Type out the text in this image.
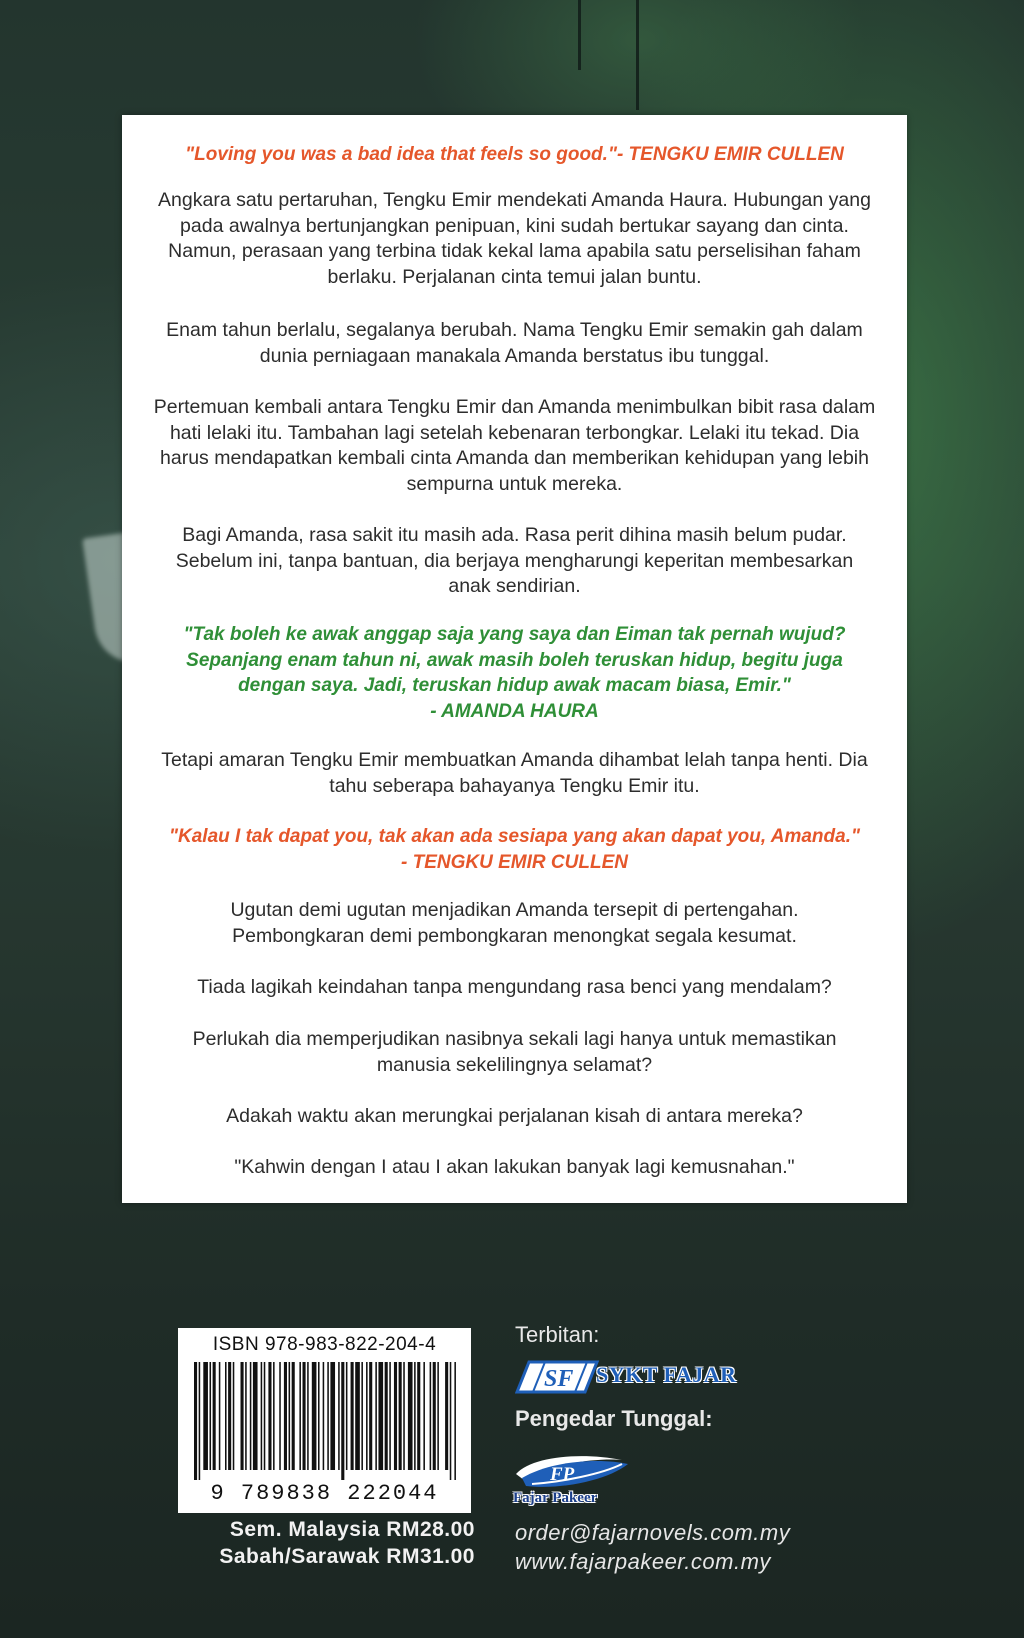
"Loving you was a bad idea that feels so good."- TENGKU EMIR CULLEN

Angkara satu pertaruhan, Tengku Emir mendekati Amanda Haura. Hubungan yang pada awalnya bertunjangkan penipuan, kini sudah bertukar sayang dan cinta. Namun, perasaan yang terbina tidak kekal lama apabila satu perselisihan faham berlaku. Perjalanan cinta temui jalan buntu.

Enam tahun berlalu, segalanya berubah. Nama Tengku Emir semakin gah dalam dunia perniagaan manakala Amanda berstatus ibu tunggal.

Pertemuan kembali antara Tengku Emir dan Amanda menimbulkan bibit rasa dalam hati lelaki itu. Tambahan lagi setelah kebenaran terbongkar. Lelaki itu tekad. Dia harus mendapatkan kembali cinta Amanda dan memberikan kehidupan yang lebih sempurna untuk mereka.

Bagi Amanda, rasa sakit itu masih ada. Rasa perit dihina masih belum pudar. Sebelum ini, tanpa bantuan, dia berjaya mengharungi keperitan membesarkan anak sendirian.

"Tak boleh ke awak anggap saja yang saya dan Eiman tak pernah wujud? Sepanjang enam tahun ni, awak masih boleh teruskan hidup, begitu juga dengan saya. Jadi, teruskan hidup awak macam biasa, Emir."

- AMANDA HAURA

Tetapi amaran Tengku Emir membuatkan Amanda dihambat lelah tanpa henti. Dia tahu seberapa bahayanya Tengku Emir itu.

"Kalau I tak dapat you, tak akan ada sesiapa yang akan dapat you, Amanda."

- TENGKU EMIR CULLEN

Ugutan demi ugutan menjadikan Amanda tersepit di pertengahan. Pembongkaran demi pembongkaran menongkat segala kesumat.

Tiada lagikah keindahan tanpa mengundang rasa benci yang mendalam?

Perlukah dia memperjudikan nasibnya sekali lagi hanya untuk memastikan manusia sekelilingnya selamat?

Adakah waktu akan merungkai perjalanan kisah di antara mereka?

"Kahwin dengan I atau I akan lakukan banyak lagi kemusnahan."

ISBN 978-983-822-204-4
9 789838 222044
Sem. Malaysia RM28.00
Sabah/Sarawak RM31.00
Terbitan:
SF SYKT FAJAR
Pengedar Tunggal:
FP
Fajar Pakeer
order@fajarnovels.com.my
www.fajarpakeer.com.my
